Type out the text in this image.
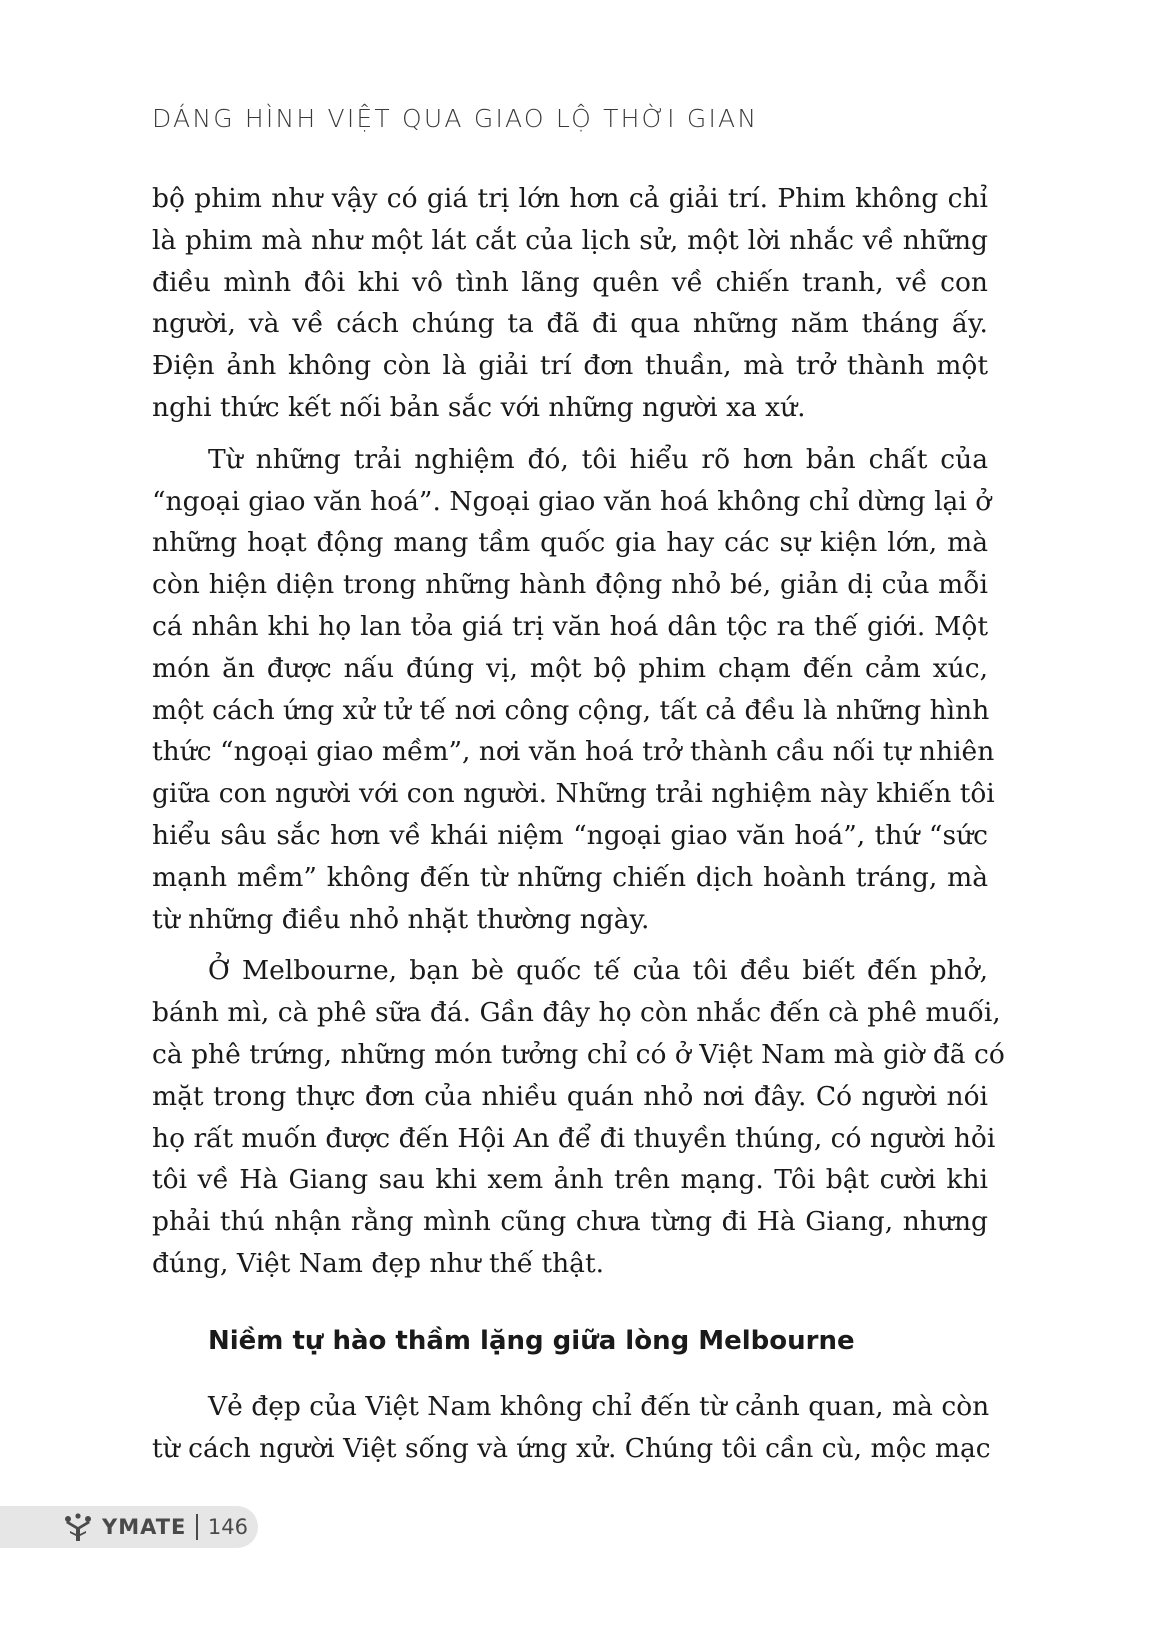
DÁNG HÌNH VIỆT QUA GIAO LỘ THỜI GIAN
bộ phim như vậy có giá trị lớn hơn cả giải trí. Phim không chỉ
là phim mà như một lát cắt của lịch sử, một lời nhắc về những
điều mình đôi khi vô tình lãng quên về chiến tranh, về con
người, và về cách chúng ta đã đi qua những năm tháng ấy.
Điện ảnh không còn là giải trí đơn thuần, mà trở thành một
nghi thức kết nối bản sắc với những người xa xứ.
Từ những trải nghiệm đó, tôi hiểu rõ hơn bản chất của
“ngoại giao văn hoá”. Ngoại giao văn hoá không chỉ dừng lại ở
những hoạt động mang tầm quốc gia hay các sự kiện lớn, mà
còn hiện diện trong những hành động nhỏ bé, giản dị của mỗi
cá nhân khi họ lan tỏa giá trị văn hoá dân tộc ra thế giới. Một
món ăn được nấu đúng vị, một bộ phim chạm đến cảm xúc,
một cách ứng xử tử tế nơi công cộng, tất cả đều là những hình
thức “ngoại giao mềm”, nơi văn hoá trở thành cầu nối tự nhiên
giữa con người với con người. Những trải nghiệm này khiến tôi
hiểu sâu sắc hơn về khái niệm “ngoại giao văn hoá”, thứ “sức
mạnh mềm” không đến từ những chiến dịch hoành tráng, mà
từ những điều nhỏ nhặt thường ngày.
Ở Melbourne, bạn bè quốc tế của tôi đều biết đến phở,
bánh mì, cà phê sữa đá. Gần đây họ còn nhắc đến cà phê muối,
cà phê trứng, những món tưởng chỉ có ở Việt Nam mà giờ đã có
mặt trong thực đơn của nhiều quán nhỏ nơi đây. Có người nói
họ rất muốn được đến Hội An để đi thuyền thúng, có người hỏi
tôi về Hà Giang sau khi xem ảnh trên mạng. Tôi bật cười khi
phải thú nhận rằng mình cũng chưa từng đi Hà Giang, nhưng
đúng, Việt Nam đẹp như thế thật.
Niềm tự hào thầm lặng giữa lòng Melbourne
Vẻ đẹp của Việt Nam không chỉ đến từ cảnh quan, mà còn
từ cách người Việt sống và ứng xử. Chúng tôi cần cù, mộc mạc
YMATE 146
